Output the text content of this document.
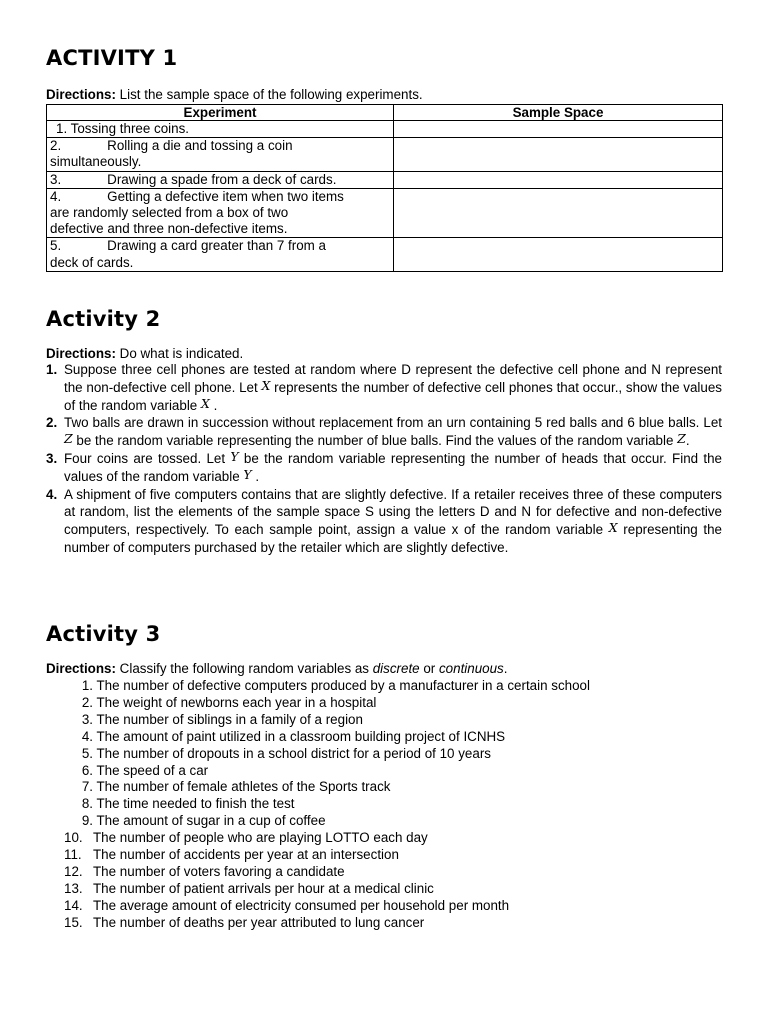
ACTIVITY 1
Directions: List the sample space of the following experiments.
Experiment	Sample Space
1. Tossing three coins.	
2. Rolling a die and tossing a coin
simultaneously.	
3. Drawing a spade from a deck of cards.	
4. Getting a defective item when two items
are randomly selected from a box of two
defective and three non-defective items.	
5. Drawing a card greater than 7 from a
deck of cards.	
Activity 2
Directions: Do what is indicated.
1. Suppose three cell phones are tested at random where D represent the defective cell phone and N represent the non-defective cell phone. Let X represents the number of defective cell phones that occur., show the values of the random variable X .
2. Two balls are drawn in succession without replacement from an urn containing 5 red balls and 6 blue balls. Let Z be the random variable representing the number of blue balls. Find the values of the random variable Z.
3. Four coins are tossed. Let Y be the random variable representing the number of heads that occur. Find the values of the random variable Y .
4. A shipment of five computers contains that are slightly defective. If a retailer receives three of these computers at random, list the elements of the sample space S using the letters D and N for defective and non-defective computers, respectively. To each sample point, assign a value x of the random variable X representing the number of computers purchased by the retailer which are slightly defective.
Activity 3
Directions: Classify the following random variables as discrete or continuous.
1. The number of defective computers produced by a manufacturer in a certain school
2. The weight of newborns each year in a hospital
3. The number of siblings in a family of a region
4. The amount of paint utilized in a classroom building project of ICNHS
5. The number of dropouts in a school district for a period of 10 years
6. The speed of a car
7. The number of female athletes of the Sports track
8. The time needed to finish the test
9. The amount of sugar in a cup of coffee
10. The number of people who are playing LOTTO each day
11. The number of accidents per year at an intersection
12. The number of voters favoring a candidate
13. The number of patient arrivals per hour at a medical clinic
14. The average amount of electricity consumed per household per month
15. The number of deaths per year attributed to lung cancer
